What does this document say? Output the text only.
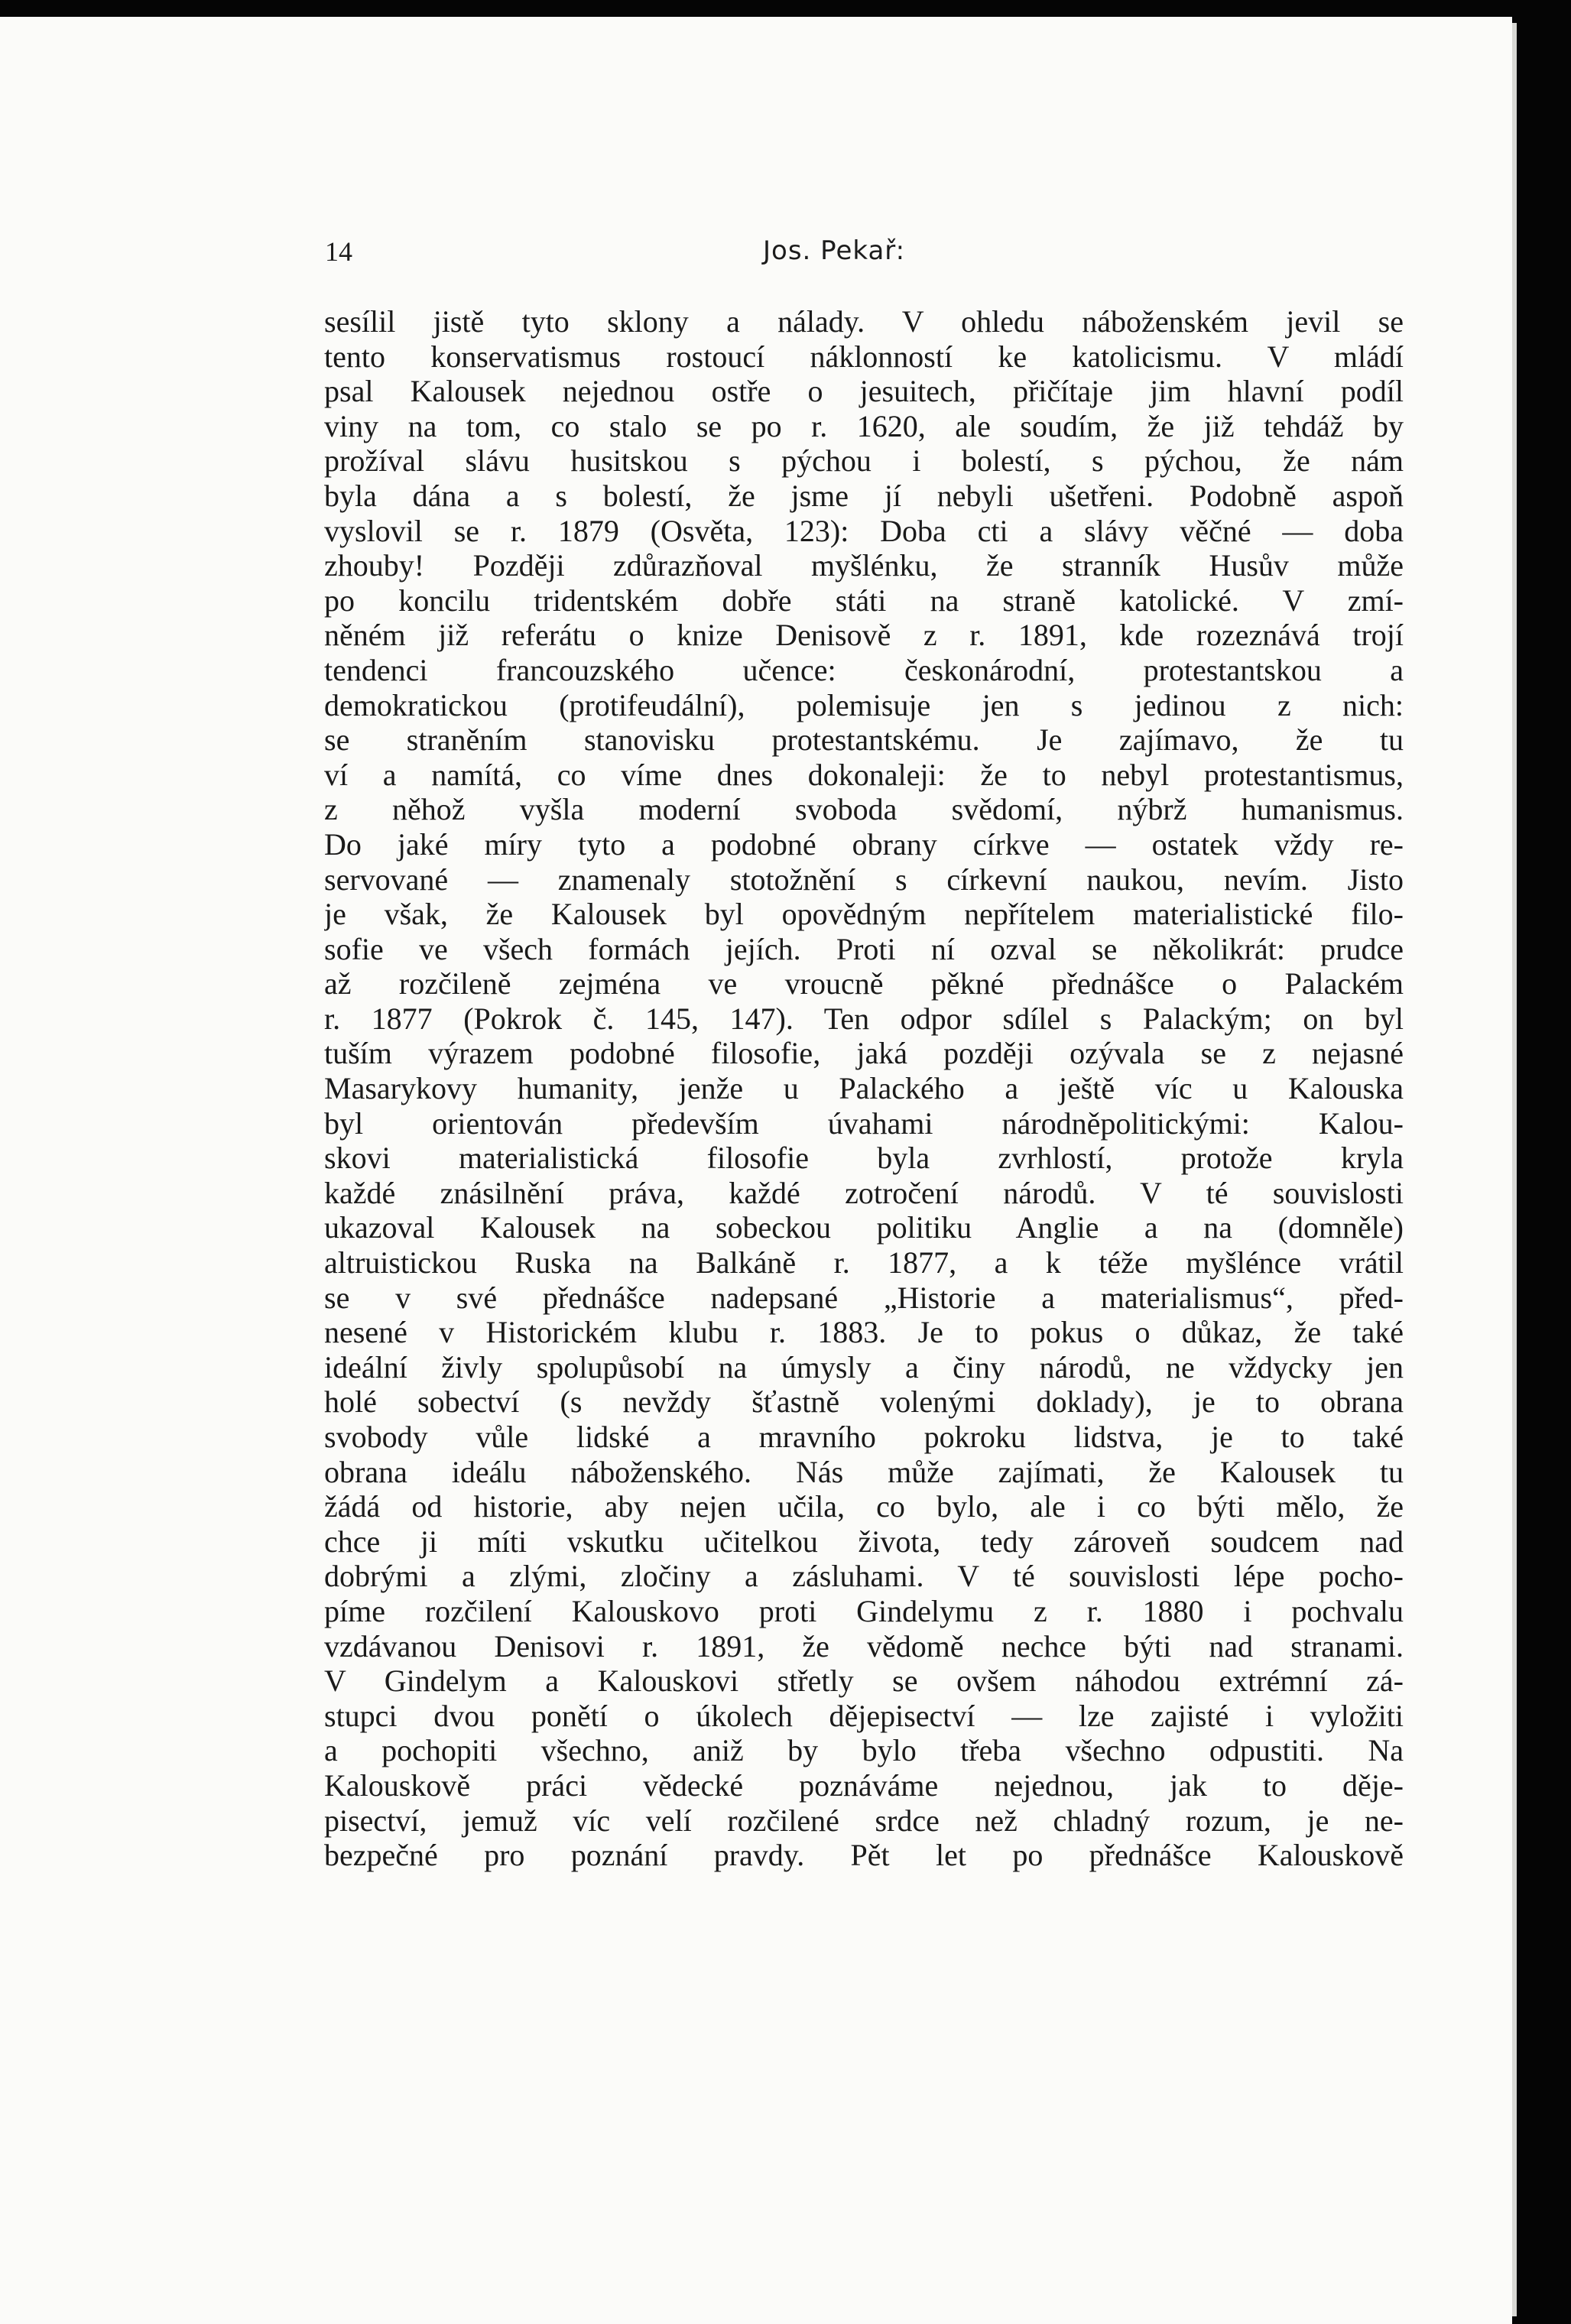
14	Jos. Pekař:
sesílil jistě tyto sklony a nálady. V ohledu náboženském jevil se
tento konservatismus rostoucí náklonností ke katolicismu. V mládí
psal Kalousek nejednou ostře o jesuitech, přičítaje jim hlavní podíl
viny na tom, co stalo se po r. 1620, ale soudím, že již tehdáž by
prožíval slávu husitskou s pýchou i bolestí, s pýchou, že nám
byla dána a s bolestí, že jsme jí nebyli ušetřeni. Podobně aspoň
vyslovil se r. 1879 (Osvěta, 123): Doba cti a slávy věčné — doba
zhouby! Později zdůrazňoval myšlénku, že stranník Husův může
po koncilu tridentském dobře státi na straně katolické. V zmí-
něném již referátu o knize Denisově z r. 1891, kde rozeznává trojí
tendenci francouzského učence: českonárodní, protestantskou a
demokratickou (protifeudální), polemisuje jen s jedinou z nich:
se straněním stanovisku protestantskému. Je zajímavo, že tu
ví a namítá, co víme dnes dokonaleji: že to nebyl protestantismus,
z něhož vyšla moderní svoboda svědomí, nýbrž humanismus.
Do jaké míry tyto a podobné obrany církve — ostatek vždy re-
servované — znamenaly stotožnění s církevní naukou, nevím. Jisto
je však, že Kalousek byl opovědným nepřítelem materialistické filo-
sofie ve všech formách jejích. Proti ní ozval se několikrát: prudce
až rozčileně zejména ve vroucně pěkné přednášce o Palackém
r. 1877 (Pokrok č. 145, 147). Ten odpor sdílel s Palackým; on byl
tuším výrazem podobné filosofie, jaká později ozývala se z nejasné
Masarykovy humanity, jenže u Palackého a ještě víc u Kalouska
byl orientován především úvahami národněpolitickými: Kalou-
skovi materialistická filosofie byla zvrhlostí, protože kryla
každé znásilnění práva, každé zotročení národů. V té souvislosti
ukazoval Kalousek na sobeckou politiku Anglie a na (domněle)
altruistickou Ruska na Balkáně r. 1877, a k téže myšlénce vrátil
se v své přednášce nadepsané „Historie a materialismus“, před-
nesené v Historickém klubu r. 1883. Je to pokus o důkaz, že také
ideální živly spolupůsobí na úmysly a činy národů, ne vždycky jen
holé sobectví (s nevždy šťastně volenými doklady), je to obrana
svobody vůle lidské a mravního pokroku lidstva, je to také
obrana ideálu náboženského. Nás může zajímati, že Kalousek tu
žádá od historie, aby nejen učila, co bylo, ale i co býti mělo, že
chce ji míti vskutku učitelkou života, tedy zároveň soudcem nad
dobrými a zlými, zločiny a zásluhami. V té souvislosti lépe pocho-
píme rozčilení Kalouskovo proti Gindelymu z r. 1880 i pochvalu
vzdávanou Denisovi r. 1891, že vědomě nechce býti nad stranami.
V Gindelym a Kalouskovi střetly se ovšem náhodou extrémní zá-
stupci dvou ponětí o úkolech dějepisectví — lze zajisté i vyložiti
a pochopiti všechno, aniž by bylo třeba všechno odpustiti. Na
Kalouskově práci vědecké poznáváme nejednou, jak to děje-
pisectví, jemuž víc velí rozčilené srdce než chladný rozum, je ne-
bezpečné pro poznání pravdy. Pět let po přednášce Kalouskově
